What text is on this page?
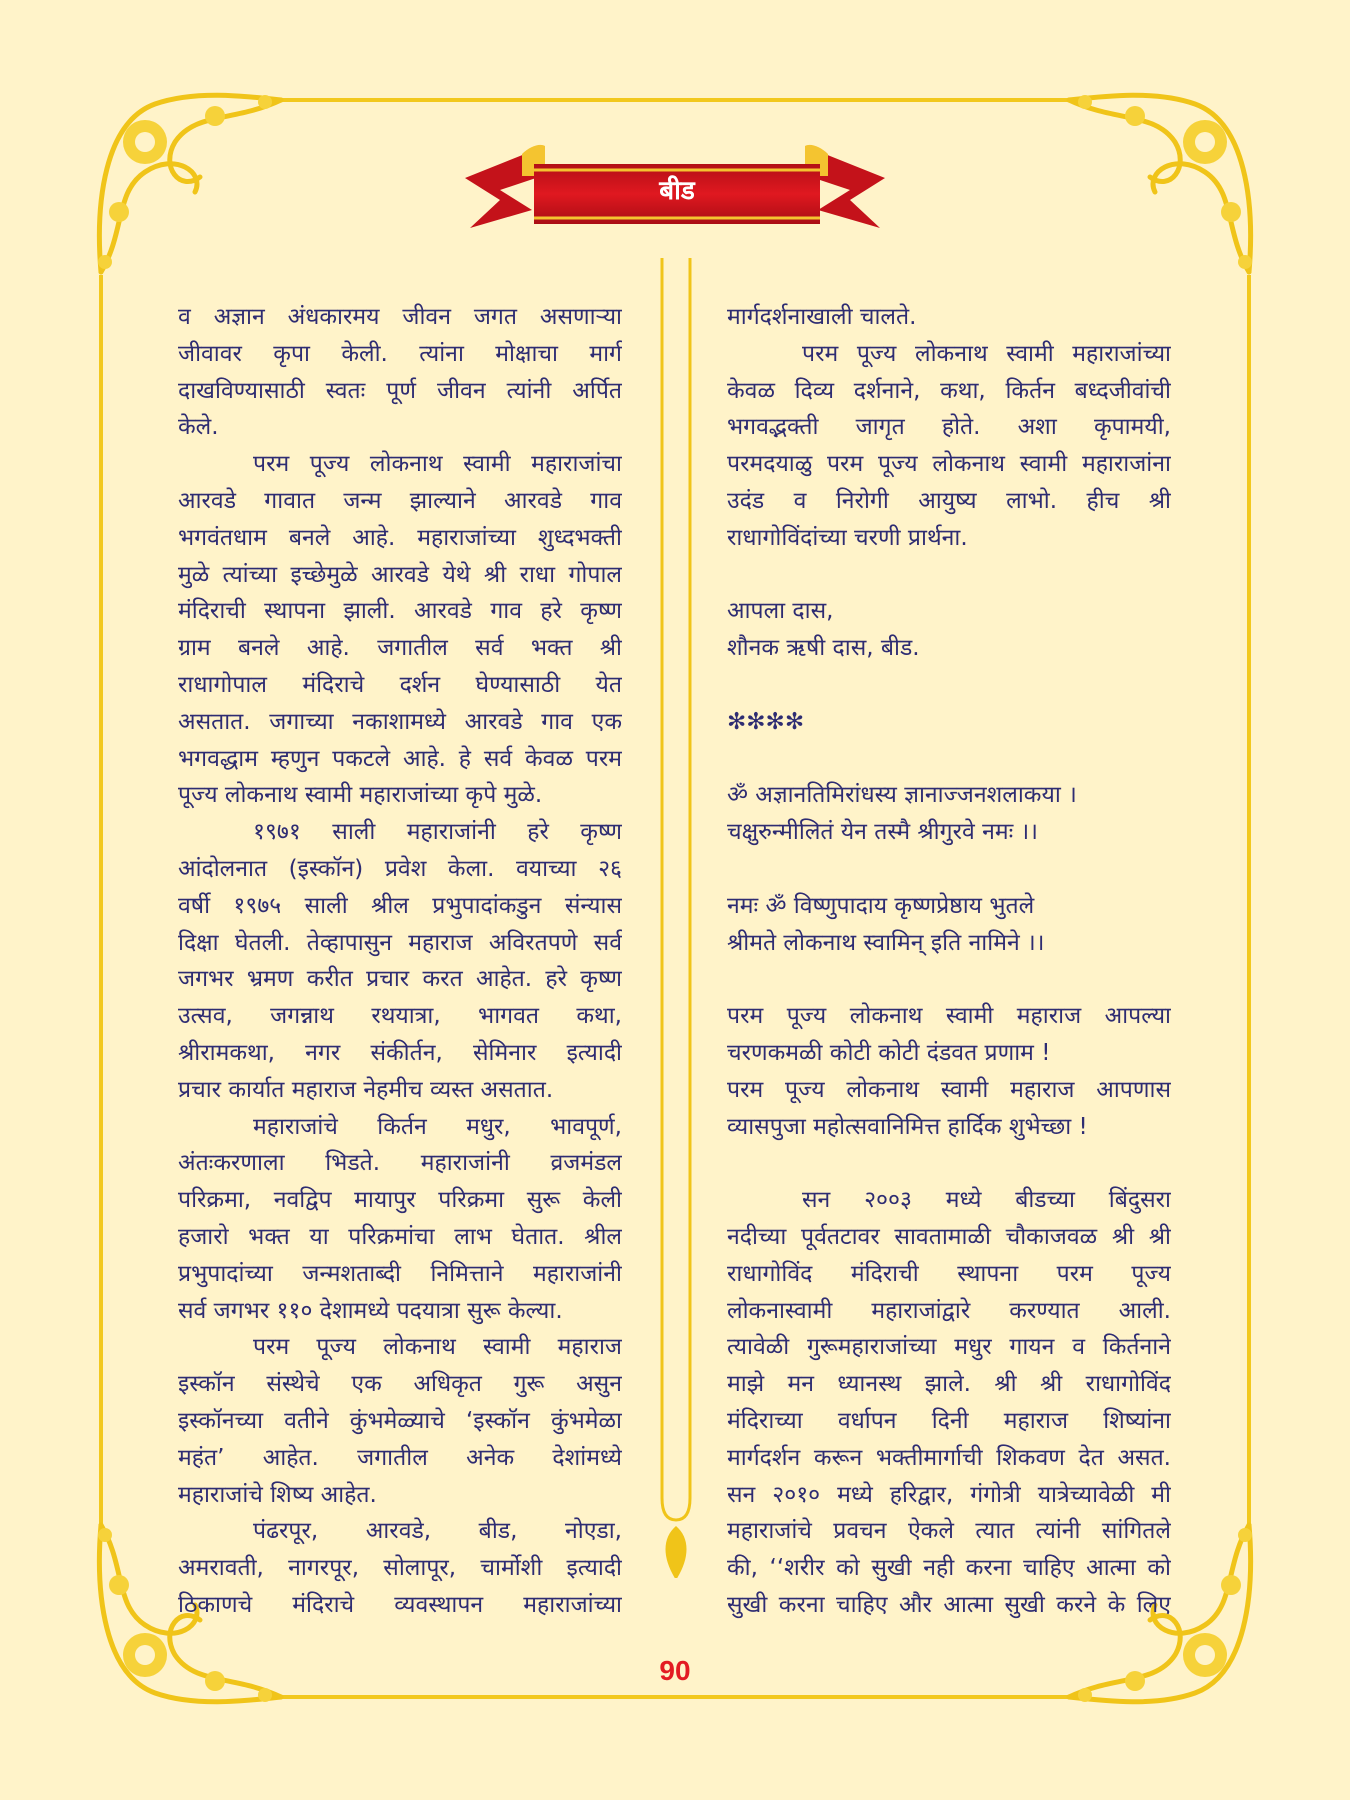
बीड
व अज्ञान अंधकारमय जीवन जगत असणाऱ्या
जीवावर कृपा केली. त्यांना मोक्षाचा मार्ग
दाखविण्यासाठी स्वतः पूर्ण जीवन त्यांनी अर्पित
केले.
परम पूज्य लोकनाथ स्वामी महाराजांचा
आरवडे गावात जन्म झाल्याने आरवडे गाव
भगवंतधाम बनले आहे. महाराजांच्या शुध्दभक्ती
मुळे त्यांच्या इच्छेमुळे आरवडे येथे श्री राधा गोपाल
मंदिराची स्थापना झाली. आरवडे गाव हरे कृष्ण
ग्राम बनले आहे. जगातील सर्व भक्त श्री
राधागोपाल मंदिराचे दर्शन घेण्यासाठी येत
असतात. जगाच्या नकाशामध्ये आरवडे गाव एक
भगवद्धाम म्हणुन पकटले आहे. हे सर्व केवळ परम
पूज्य लोकनाथ स्वामी महाराजांच्या कृपे मुळे.
१९७१ साली महाराजांनी हरे कृष्ण
आंदोलनात (इस्कॉन) प्रवेश केला. वयाच्या २६
वर्षी १९७५ साली श्रील प्रभुपादांकडुन संन्यास
दिक्षा घेतली. तेव्हापासुन महाराज अविरतपणे सर्व
जगभर भ्रमण करीत प्रचार करत आहेत. हरे कृष्ण
उत्सव, जगन्नाथ रथयात्रा, भागवत कथा,
श्रीरामकथा, नगर संकीर्तन, सेमिनार इत्यादी
प्रचार कार्यात महाराज नेहमीच व्यस्त असतात.
महाराजांचे किर्तन मधुर, भावपूर्ण,
अंतःकरणाला भिडते. महाराजांनी व्रजमंडल
परिक्रमा, नवद्विप मायापुर परिक्रमा सुरू केली
हजारो भक्त या परिक्रमांचा लाभ घेतात. श्रील
प्रभुपादांच्या जन्मशताब्दी निमित्ताने महाराजांनी
सर्व जगभर ११० देशामध्ये पदयात्रा सुरू केल्या.
परम पूज्य लोकनाथ स्वामी महाराज
इस्कॉन संस्थेचे एक अधिकृत गुरू असुन
इस्कॉनच्या वतीने कुंभमेळ्याचे ‘इस्कॉन कुंभमेळा
महंत’ आहेत. जगातील अनेक देशांमध्ये
महाराजांचे शिष्य आहेत.
पंढरपूर, आरवडे, बीड, नोएडा,
अमरावती, नागरपूर, सोलापूर, चार्मोशी इत्यादी
ठिकाणचे मंदिराचे व्यवस्थापन महाराजांच्या
मार्गदर्शनाखाली चालते.
परम पूज्य लोकनाथ स्वामी महाराजांच्या
केवळ दिव्य दर्शनाने, कथा, किर्तन बध्दजीवांची
भगवद्भक्ती जागृत होते. अशा कृपामयी,
परमदयाळु परम पूज्य लोकनाथ स्वामी महाराजांना
उदंड व निरोगी आयुष्य लाभो. हीच श्री
राधागोविंदांच्या चरणी प्रार्थना.
आपला दास,
शौनक ऋषी दास, बीड.
✻✻✻✻
ॐ अज्ञानतिमिरांधस्य ज्ञानाज्जनशलाकया ।
चक्षुरुन्मीलितं येन तस्मै श्रीगुरवे नमः ।।
नमः ॐ विष्णुपादाय कृष्णप्रेष्ठाय भुतले
श्रीमते लोकनाथ स्वामिन् इति नामिने ।।
परम पूज्य लोकनाथ स्वामी महाराज आपल्या
चरणकमळी कोटी कोटी दंडवत प्रणाम !
परम पूज्य लोकनाथ स्वामी महाराज आपणास
व्यासपुजा महोत्सवानिमित्त हार्दिक शुभेच्छा !
सन २००३ मध्ये बीडच्या बिंदुसरा
नदीच्या पूर्वतटावर सावतामाळी चौकाजवळ श्री श्री
राधागोविंद मंदिराची स्थापना परम पूज्य
लोकनास्वामी महाराजांद्वारे करण्यात आली.
त्यावेळी गुरूमहाराजांच्या मधुर गायन व किर्तनाने
माझे मन ध्यानस्थ झाले. श्री श्री राधागोविंद
मंदिराच्या वर्धापन दिनी महाराज शिष्यांना
मार्गदर्शन करून भक्तीमार्गाची शिकवण देत असत.
सन २०१० मध्ये हरिद्वार, गंगोत्री यात्रेच्यावेळी मी
महाराजांचे प्रवचन ऐकले त्यात त्यांनी सांगितले
की, ‘‘शरीर को सुखी नही करना चाहिए आत्मा को
सुखी करना चाहिए और आत्मा सुखी करने के लिए
90
